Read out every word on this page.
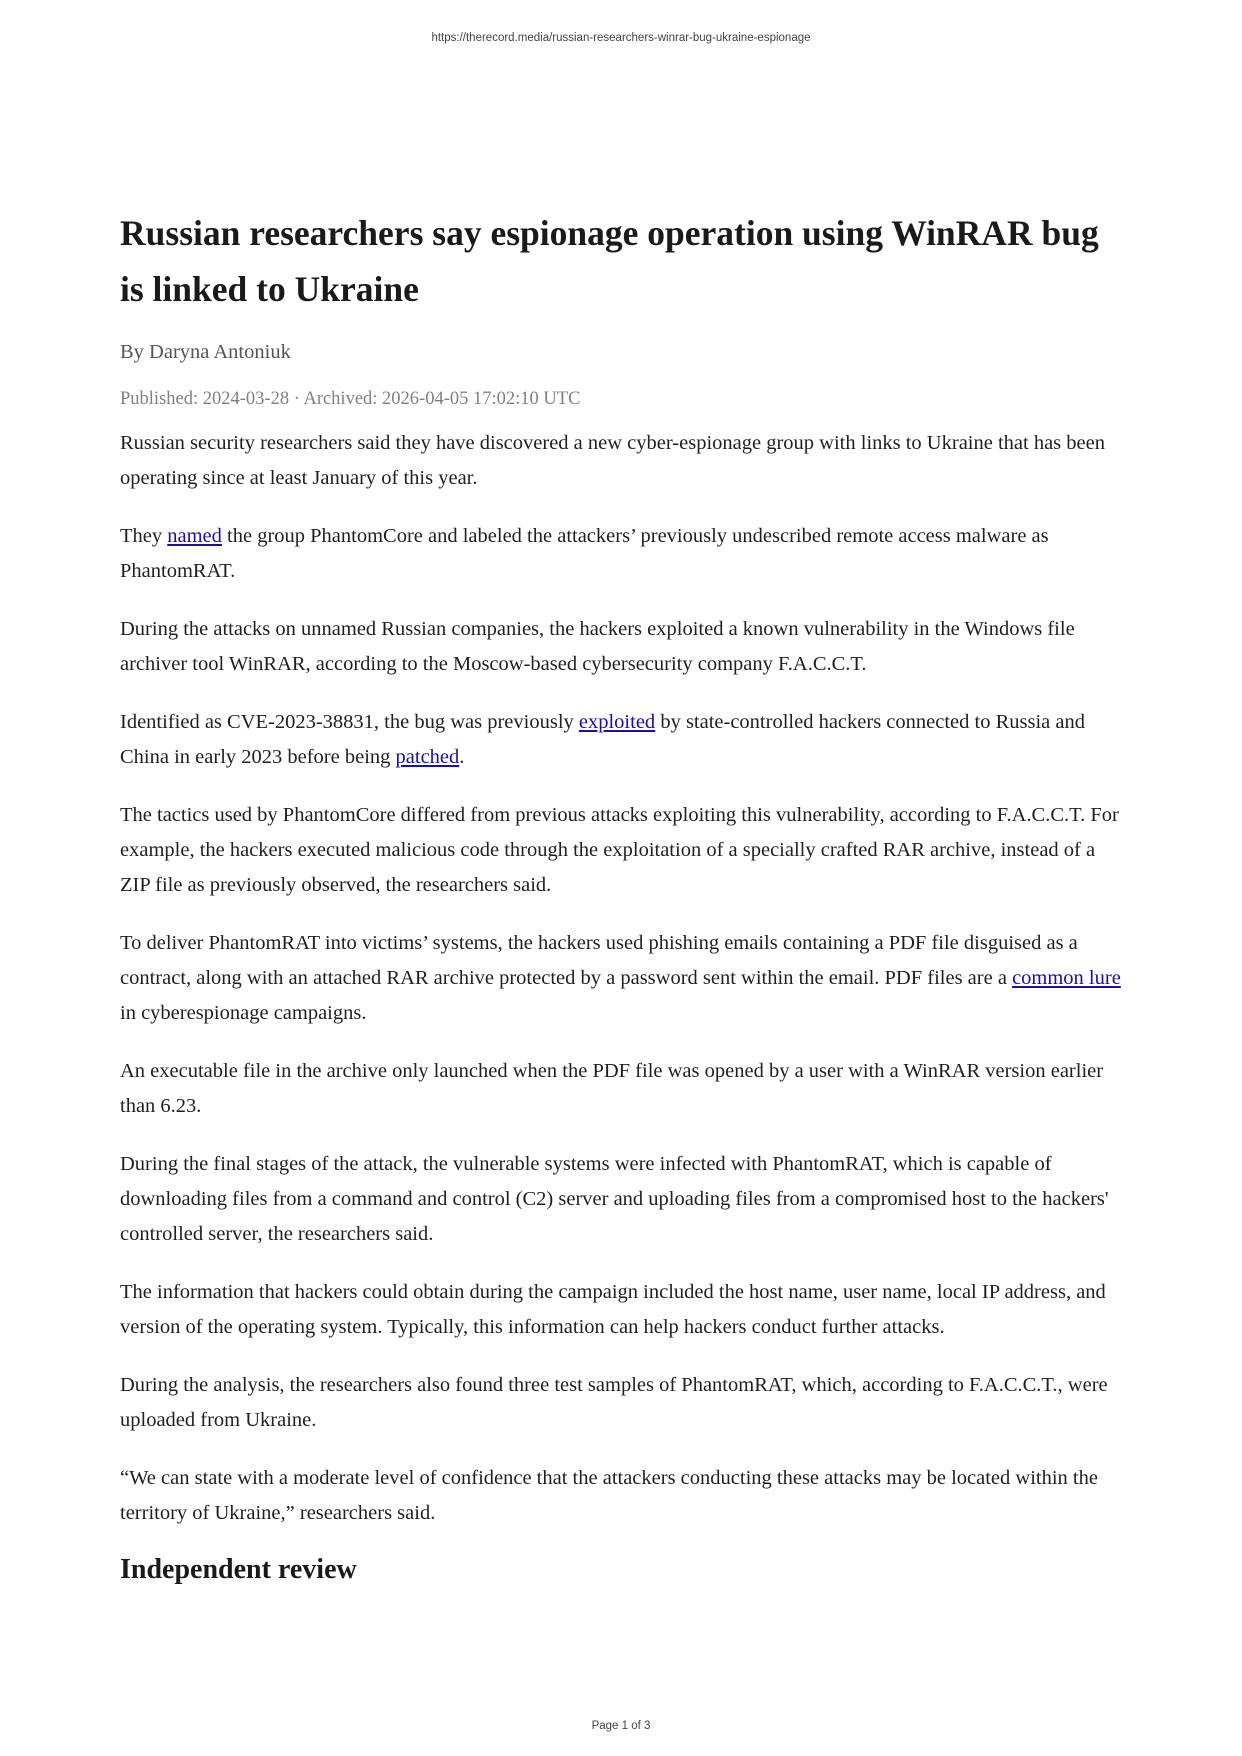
https://therecord.media/russian-researchers-winrar-bug-ukraine-espionage
Russian researchers say espionage operation using WinRAR bug is linked to Ukraine
By Daryna Antoniuk
Published: 2024-03-28 · Archived: 2026-04-05 17:02:10 UTC

Russian security researchers said they have discovered a new cyber-espionage group with links to Ukraine that has been operating since at least January of this year.

They named the group PhantomCore and labeled the attackers’ previously undescribed remote access malware as PhantomRAT.

During the attacks on unnamed Russian companies, the hackers exploited a known vulnerability in the Windows file archiver tool WinRAR, according to the Moscow-based cybersecurity company F.A.C.C.T.

Identified as CVE-2023-38831, the bug was previously exploited by state-controlled hackers connected to Russia and China in early 2023 before being patched.

The tactics used by PhantomCore differed from previous attacks exploiting this vulnerability, according to F.A.C.C.T. For example, the hackers executed malicious code through the exploitation of a specially crafted RAR archive, instead of a ZIP file as previously observed, the researchers said.

To deliver PhantomRAT into victims’ systems, the hackers used phishing emails containing a PDF file disguised as a contract, along with an attached RAR archive protected by a password sent within the email. PDF files are a common lure in cyberespionage campaigns.

An executable file in the archive only launched when the PDF file was opened by a user with a WinRAR version earlier than 6.23.

During the final stages of the attack, the vulnerable systems were infected with PhantomRAT, which is capable of downloading files from a command and control (C2) server and uploading files from a compromised host to the hackers' controlled server, the researchers said.

The information that hackers could obtain during the campaign included the host name, user name, local IP address, and version of the operating system. Typically, this information can help hackers conduct further attacks.

During the analysis, the researchers also found three test samples of PhantomRAT, which, according to F.A.C.C.T., were uploaded from Ukraine.

“We can state with a moderate level of confidence that the attackers conducting these attacks may be located within the territory of Ukraine,” researchers said.

Independent review
Page 1 of 3
